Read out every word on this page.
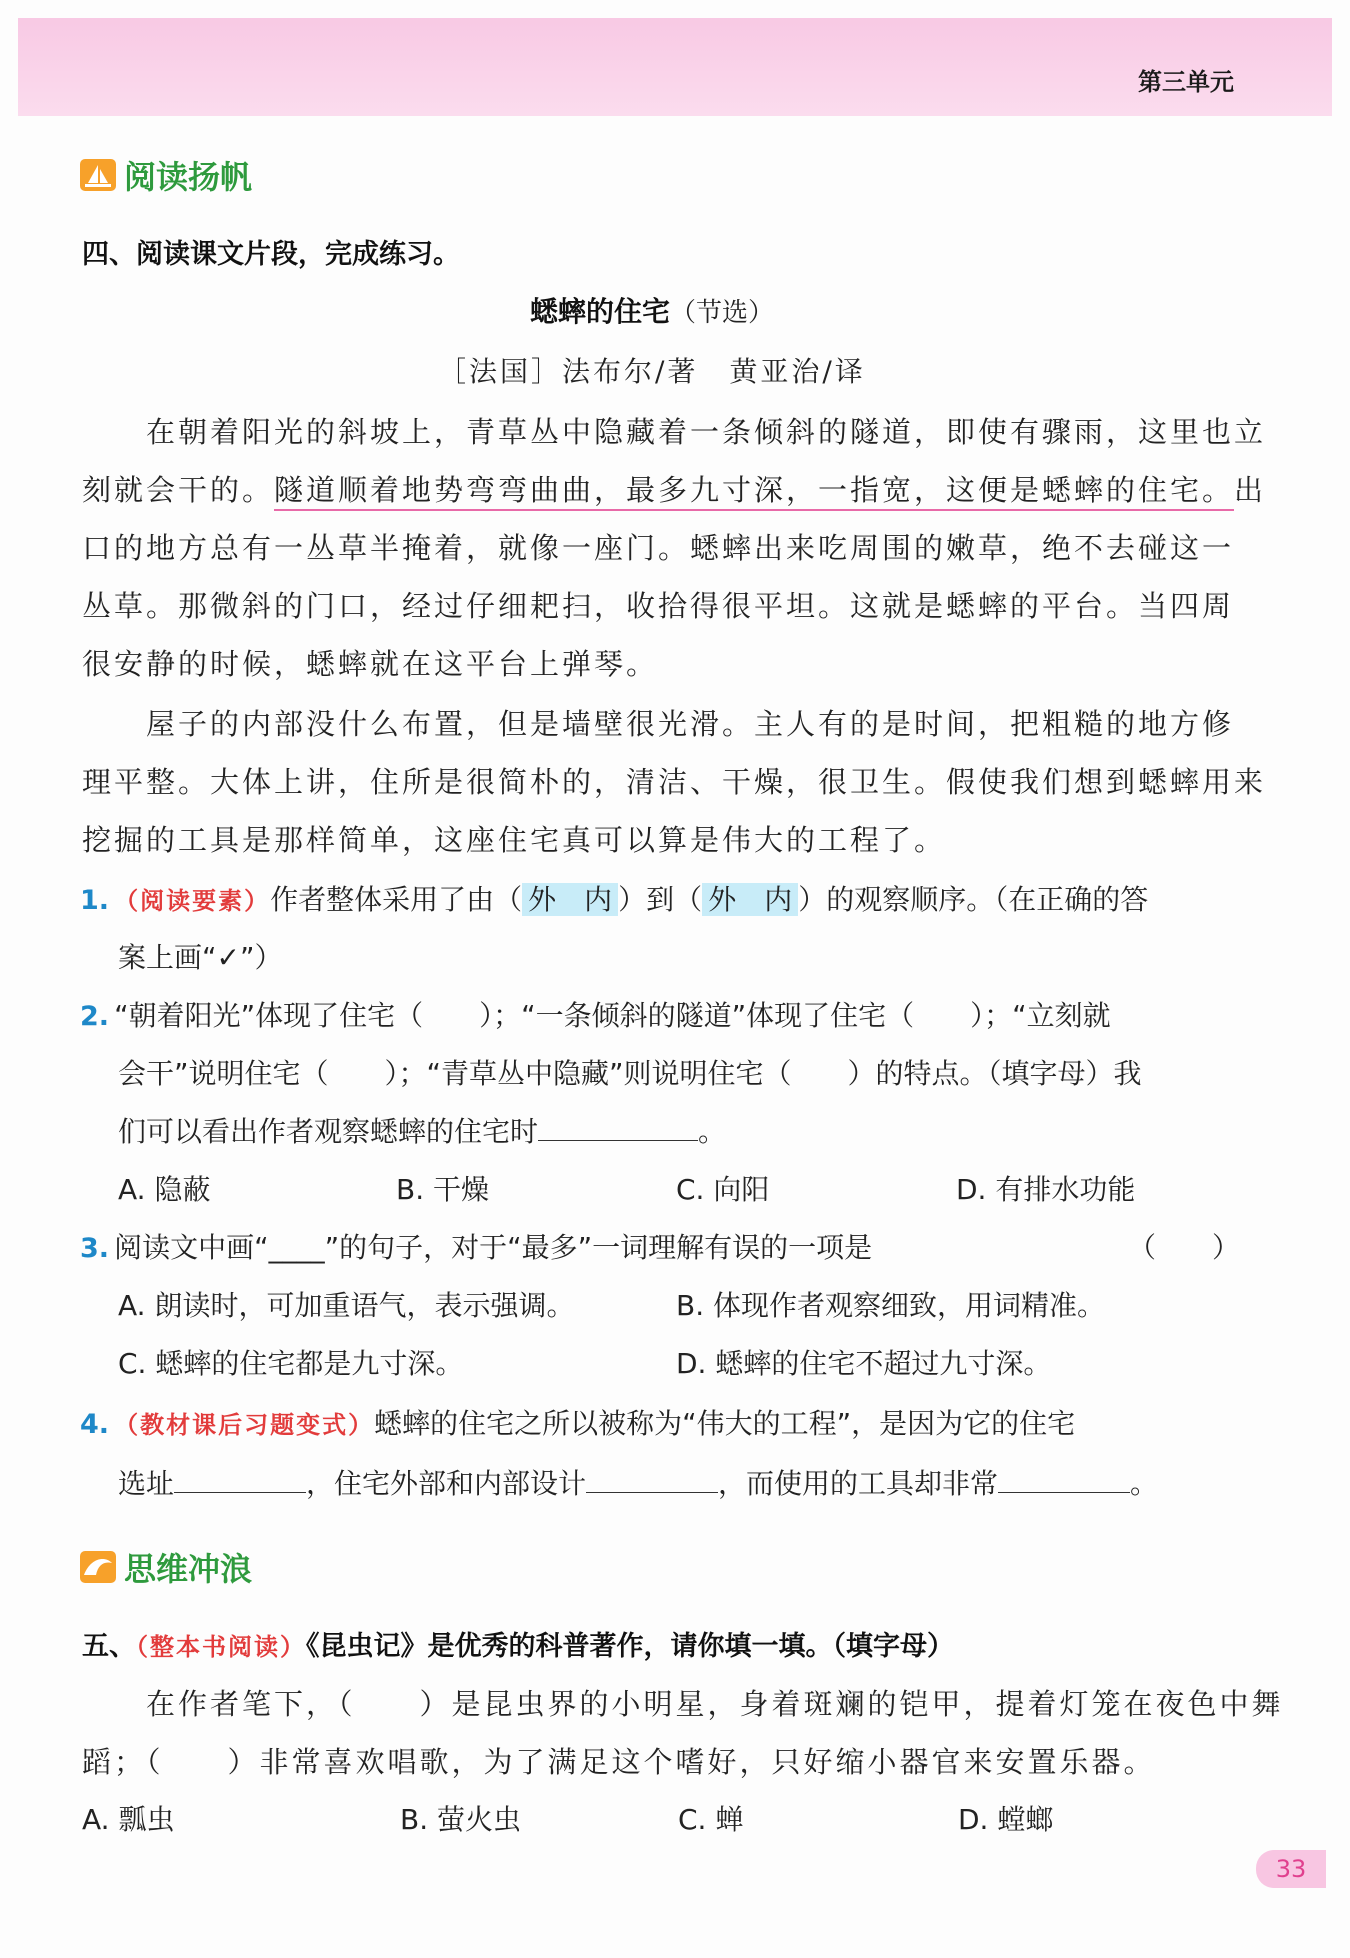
第三单元
阅读扬帆
四、阅读课文片段，完成练习。
蟋蟀的住宅（节选）
［法国］法布尔/著　黄亚治/译
在朝着阳光的斜坡上，青草丛中隐藏着一条倾斜的隧道，即使有骤雨，这里也立
刻就会干的。隧道顺着地势弯弯曲曲，最多九寸深，一指宽，这便是蟋蟀的住宅。出
口的地方总有一丛草半掩着，就像一座门。蟋蟀出来吃周围的嫩草，绝不去碰这一
丛草。那微斜的门口，经过仔细耙扫，收拾得很平坦。这就是蟋蟀的平台。当四周
很安静的时候，蟋蟀就在这平台上弹琴。
屋子的内部没什么布置，但是墙壁很光滑。主人有的是时间，把粗糙的地方修
理平整。大体上讲，住所是很简朴的，清洁、干燥，很卫生。假使我们想到蟋蟀用来
挖掘的工具是那样简单，这座住宅真可以算是伟大的工程了。
1. （阅读要素）作者整体采用了由（ 外　内 ）到（ 外　内 ）的观察顺序。（在正确的答
案上画“✓”）
2. “朝着阳光”体现了住宅（　　）；“一条倾斜的隧道”体现了住宅（　　）；“立刻就
会干”说明住宅（　　）；“青草丛中隐藏”则说明住宅（　　）的特点。（填字母）我
们可以看出作者观察蟋蟀的住宅时	。
A. 隐蔽	B. 干燥	C. 向阳	D. 有排水功能
3. 阅读文中画“____”的句子，对于“最多”一词理解有误的一项是	（　　）
A. 朗读时，可加重语气，表示强调。	B. 体现作者观察细致，用词精准。
C. 蟋蟀的住宅都是九寸深。	D. 蟋蟀的住宅不超过九寸深。
4. （教材课后习题变式）蟋蟀的住宅之所以被称为“伟大的工程”，是因为它的住宅
选址	，住宅外部和内部设计	，而使用的工具却非常	。
思维冲浪
五、（整本书阅读）《昆虫记》是优秀的科普著作，请你填一填。（填字母）
在作者笔下，（　　）是昆虫界的小明星，身着斑斓的铠甲，提着灯笼在夜色中舞
蹈；（　　）非常喜欢唱歌，为了满足这个嗜好，只好缩小器官来安置乐器。
A. 瓢虫	B. 萤火虫	C. 蝉	D. 螳螂
33
